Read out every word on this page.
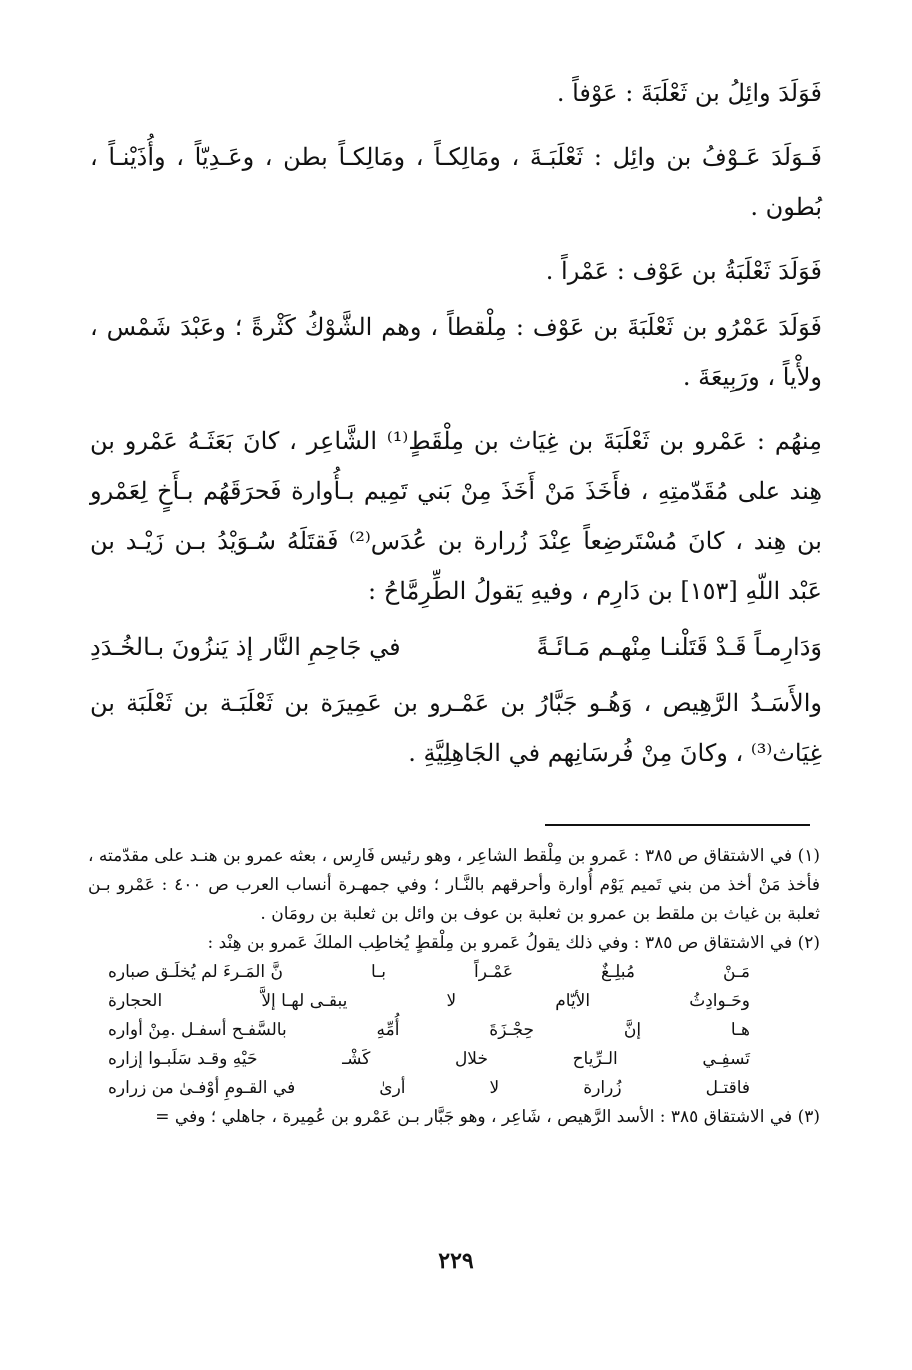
فَوَلَدَ وائِلُ بن ثَعْلَبَةَ : عَوْفاً .

فَـوَلَدَ عَـوْفُ بن وائِل : ثَعْلَبَـةَ ، ومَالِكـاً ، ومَالِكـاً بطن ، وعَـدِيّاً ، وأُذَيْنـاً ، بُطون .

فَوَلَدَ ثَعْلَبَةُ بن عَوْف : عَمْراً .

فَوَلَدَ عَمْرُو بن ثَعْلَبَةَ بن عَوْف : مِلْقطاً ، وهم الشَّوْكُ كَثْرةً ؛ وعَبْدَ شَمْس ، ولأْياً ، ورَبِيعَةَ .

مِنهُم : عَمْرو بن ثَعْلَبَةَ بن غِيَاث بن مِلْقَطٍ⁽¹⁾ الشَّاعِر ، كانَ بَعَثَـهُ عَمْرو بن هِند على مُقَدّمتِهِ ، فأَخَذَ مَنْ أَخَذَ مِنْ بَني تَمِيم بـأُوارة فَحرَقَهُم بـأَخٍ لِعَمْرو بن هِند ، كانَ مُسْتَرضِعاً عِنْدَ زُرارة بن عُدَس⁽²⁾ فَقتَلَهُ سُـوَيْدُ بـن زَيْـد بن عَبْد اللّهِ [١٥٣] بن دَارِم ، وفيهِ يَقولُ الطِّرِمَّاحُ :

وَدَارِمـاً قَـدْ قَتَلْنـا مِنْهـم مَـائَـةً
في جَاحِمِ النَّار إذ يَنزُونَ بـالخُـدَدِ

والأَسَـدُ الرَّهِيص ، وَهُـو جَبَّارُ بن عَمْـرو بن عَمِيرَة بن ثَعْلَبَـة بن ثَعْلَبَة بن غِيَاث⁽³⁾ ، وكانَ مِنْ فُرسَانِهم في الجَاهِلِيَّةِ .

(١) في الاشتقاق ص ٣٨٥ : عَمرو بن مِلْقط الشاعِر ، وهو رئيس فَارِس ، بعثه عمرو بن هنـد على مقدّمته ، فأخذ مَنْ أخذ من بني تَميم يَوْم أُوارة وأحرقهم بالنَّـار ؛ وفي جمهـرة أنساب العرب ص ٤٠٠ : عَمْرو بـن ثعلبة بن غياث بن ملقط بن عمرو بن ثعلبة بن عوف بن وائل بن ثعلبة بن رومَان .

(٢) في الاشتقاق ص ٣٨٥ : وفي ذلك يقولُ عَمرو بن مِلْقطٍ يُخاطِب الملكَ عَمرو بن هِنْد :

مَـنْ
مُبلِـغٌ
عَمْـراً
بـا
نَّ المَـرءَ لم يُخلَـق صباره
وحَـوادِثُ
الأيّام
لا
يبقـى لهـا إلاَّ
الحجارة
هـا
إنَّ
حِجْـزَةَ
أُمِّهِ
بالسَّفـح أسفـل .مِنْ أواره
تَسفِـي
الـرِّياح
خلال
كَشْـ
حَيْهِ وقـد سَلَبـوا إزاره
فاقتـل
زُرارة
لا
أرىٰ
في القـومِ أوْفـىٰ من زراره

(٣) في الاشتقاق ٣٨٥ : الأسد الرَّهيص ، شَاعِر ، وهو جَبَّار بـن عَمْرو بن عُمِيرة ، جاهلي ؛ وفي =

٢٢٩
